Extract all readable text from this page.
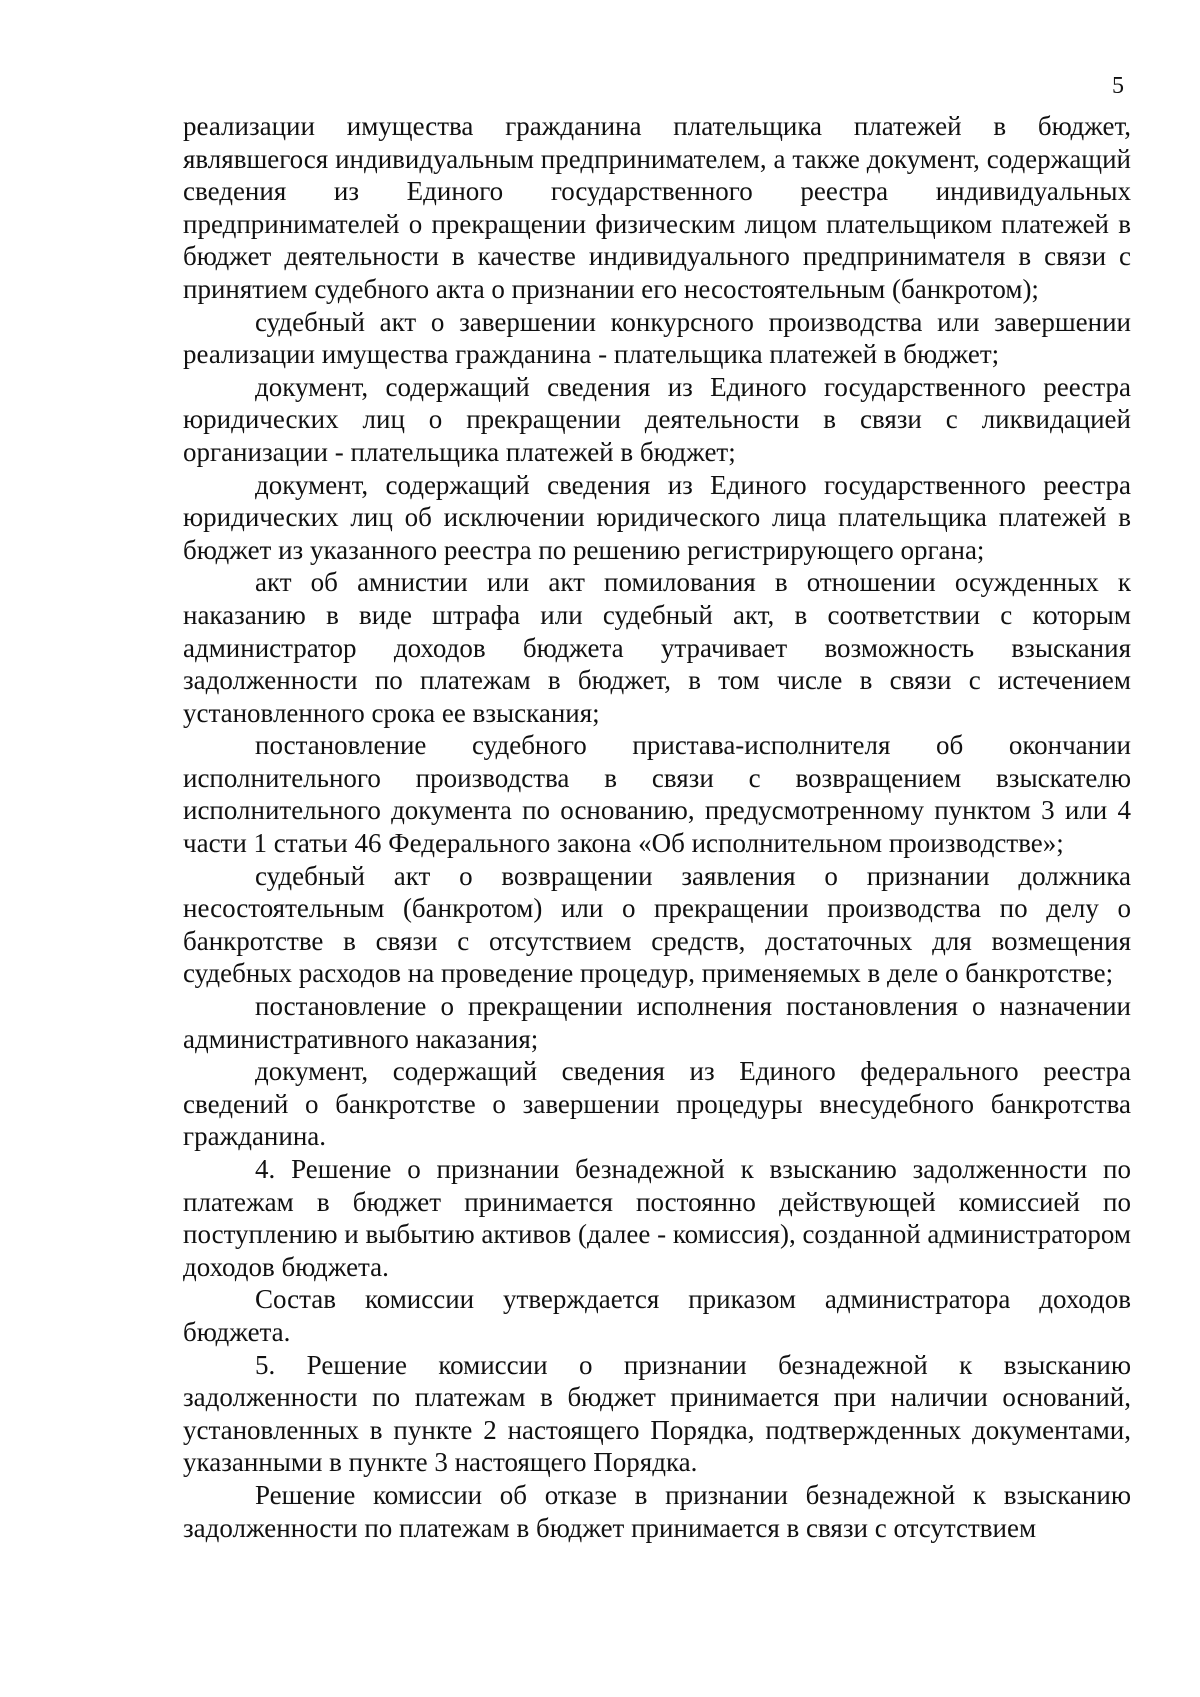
5

реализации имущества гражданина плательщика платежей в бюджет, являвшегося индивидуальным предпринимателем, а также документ, содержащий сведения из Единого государственного реестра индивидуальных предпринимателей о прекращении физическим лицом плательщиком платежей в бюджет деятельности в качестве индивидуального предпринимателя в связи с принятием судебного акта о признании его несостоятельным (банкротом);

судебный акт о завершении конкурсного производства или завершении реализации имущества гражданина - плательщика платежей в бюджет;

документ, содержащий сведения из Единого государственного реестра юридических лиц о прекращении деятельности в связи с ликвидацией организации - плательщика платежей в бюджет;

документ, содержащий сведения из Единого государственного реестра юридических лиц об исключении юридического лица плательщика платежей в бюджет из указанного реестра по решению регистрирующего органа;

акт об амнистии или акт помилования в отношении осужденных к наказанию в виде штрафа или судебный акт, в соответствии с которым администратор доходов бюджета утрачивает возможность взыскания задолженности по платежам в бюджет, в том числе в связи с истечением установленного срока ее взыскания;

постановление судебного пристава-исполнителя об окончании исполнительного производства в связи с возвращением взыскателю исполнительного документа по основанию, предусмотренному пунктом 3 или 4 части 1 статьи 46 Федерального закона «Об исполнительном производстве»;

судебный акт о возвращении заявления о признании должника несостоятельным (банкротом) или о прекращении производства по делу о банкротстве в связи с отсутствием средств, достаточных для возмещения судебных расходов на проведение процедур, применяемых в деле о банкротстве;

постановление о прекращении исполнения постановления о назначении административного наказания;

документ, содержащий сведения из Единого федерального реестра сведений о банкротстве о завершении процедуры внесудебного банкротства гражданина.

4. Решение о признании безнадежной к взысканию задолженности по платежам в бюджет принимается постоянно действующей комиссией по поступлению и выбытию активов (далее - комиссия), созданной администратором доходов бюджета.

Состав комиссии утверждается приказом администратора доходов бюджета.

5. Решение комиссии о признании безнадежной к взысканию задолженности по платежам в бюджет принимается при наличии оснований, установленных в пункте 2 настоящего Порядка, подтвержденных документами, указанными в пункте 3 настоящего Порядка.

Решение комиссии об отказе в признании безнадежной к взысканию задолженности по платежам в бюджет принимается в связи с отсутствием
